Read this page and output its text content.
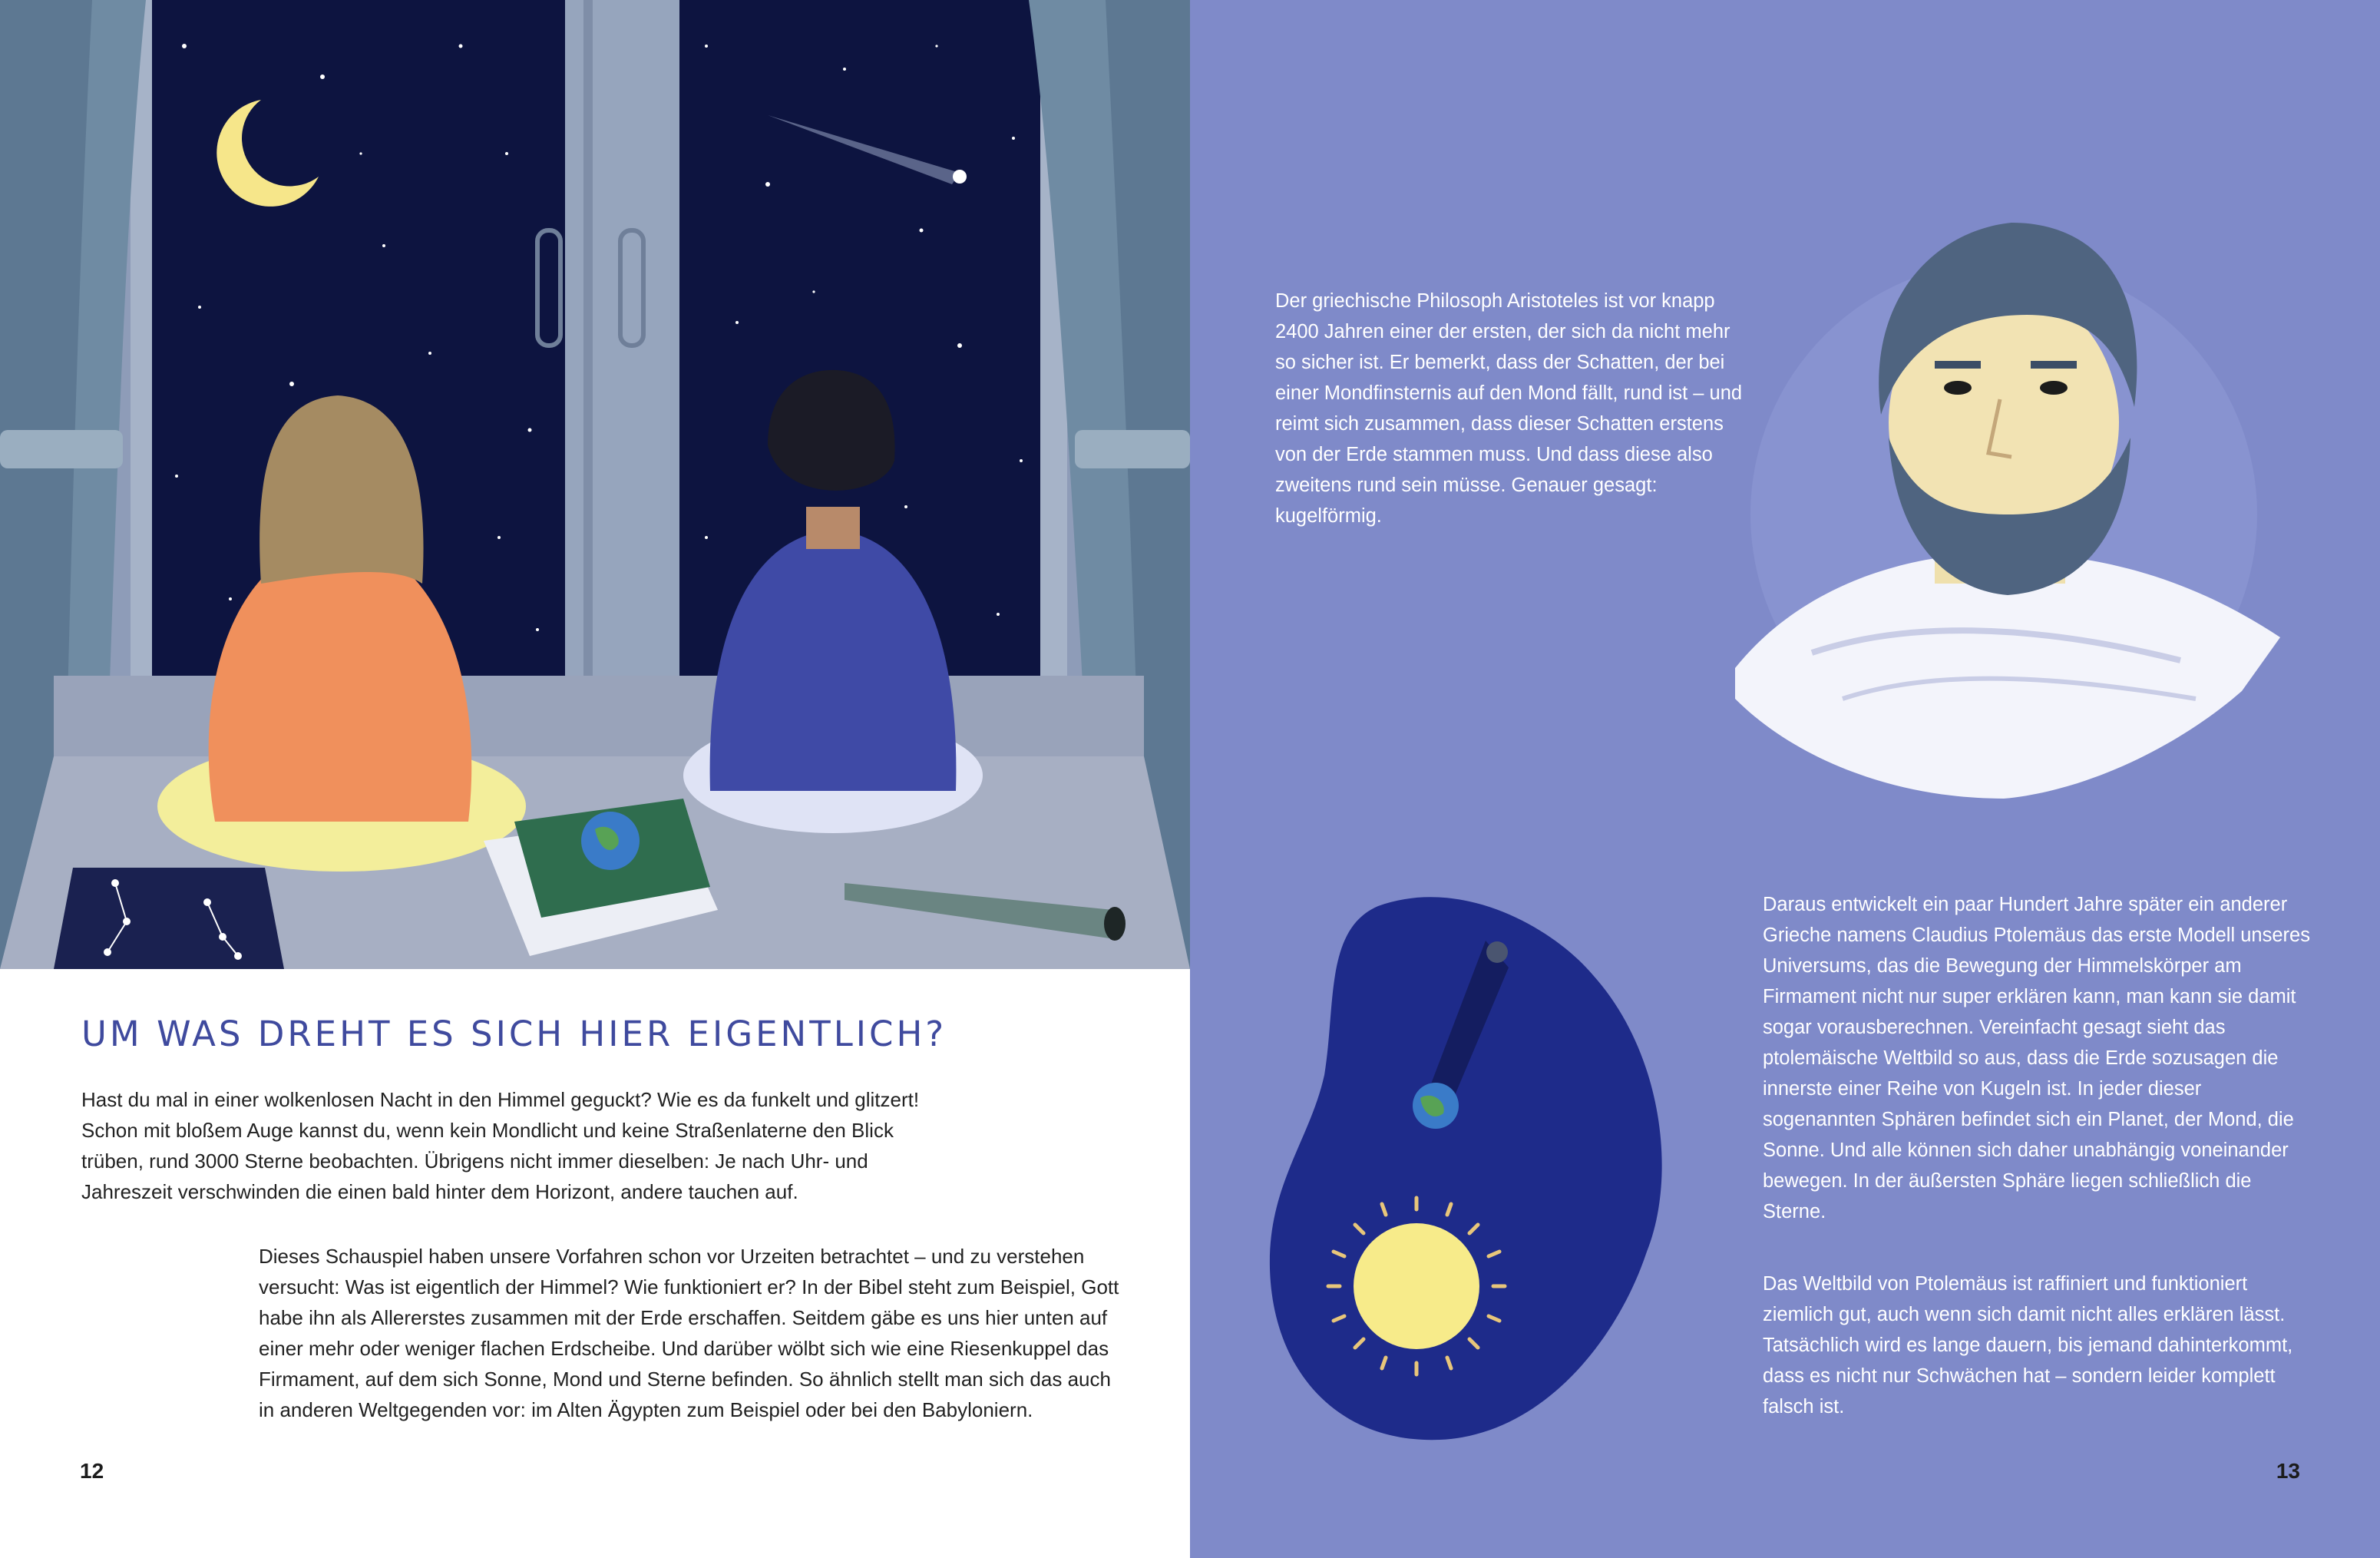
UM WAS DREHT ES SICH HIER EIGENTLICH?

Hast du mal in einer wolkenlosen Nacht in den Himmel geguckt? Wie es da funkelt und glitzert! Schon mit bloßem Auge kannst du, wenn kein Mondlicht und keine Straßenlaterne den Blick trüben, rund 3000 Sterne beobachten. Übrigens nicht immer dieselben: Je nach Uhr- und Jahreszeit verschwinden die einen bald hinter dem Horizont, andere tauchen auf.

Dieses Schauspiel haben unsere Vorfahren schon vor Urzeiten betrachtet – und zu verstehen versucht: Was ist eigentlich der Himmel? Wie funktioniert er? In der Bibel steht zum Beispiel, Gott habe ihn als Allererstes zusammen mit der Erde erschaffen. Seitdem gäbe es uns hier unten auf einer mehr oder weniger flachen Erdscheibe. Und darüber wölbt sich wie eine Riesenkuppel das Firmament, auf dem sich Sonne, Mond und Sterne befinden. So ähnlich stellt man sich das auch in anderen Weltgegenden vor: im Alten Ägypten zum Beispiel oder bei den Babyloniern.

12

Der griechische Philosoph Aristoteles ist vor knapp 2400 Jahren einer der ersten, der sich da nicht mehr so sicher ist. Er bemerkt, dass der Schatten, der bei einer Mondfinsternis auf den Mond fällt, rund ist – und reimt sich zusammen, dass dieser Schatten erstens von der Erde stammen muss. Und dass diese also zweitens rund sein müsse. Genauer gesagt: kugelförmig.

Daraus entwickelt ein paar Hundert Jahre später ein anderer Grieche namens Claudius Ptolemäus das erste Modell unseres Universums, das die Bewegung der Himmelskörper am Firmament nicht nur super erklären kann, man kann sie damit sogar vorausberechnen. Vereinfacht gesagt sieht das ptolemäische Weltbild so aus, dass die Erde sozusagen die innerste einer Reihe von Kugeln ist. In jeder dieser sogenannten Sphären befindet sich ein Planet, der Mond, die Sonne. Und alle können sich daher unabhängig voneinander bewegen. In der äußersten Sphäre liegen schließlich die Sterne.

Das Weltbild von Ptolemäus ist raffiniert und funktioniert ziemlich gut, auch wenn sich damit nicht alles erklären lässt. Tatsächlich wird es lange dauern, bis jemand dahinterkommt, dass es nicht nur Schwächen hat – sondern leider komplett falsch ist.

13
